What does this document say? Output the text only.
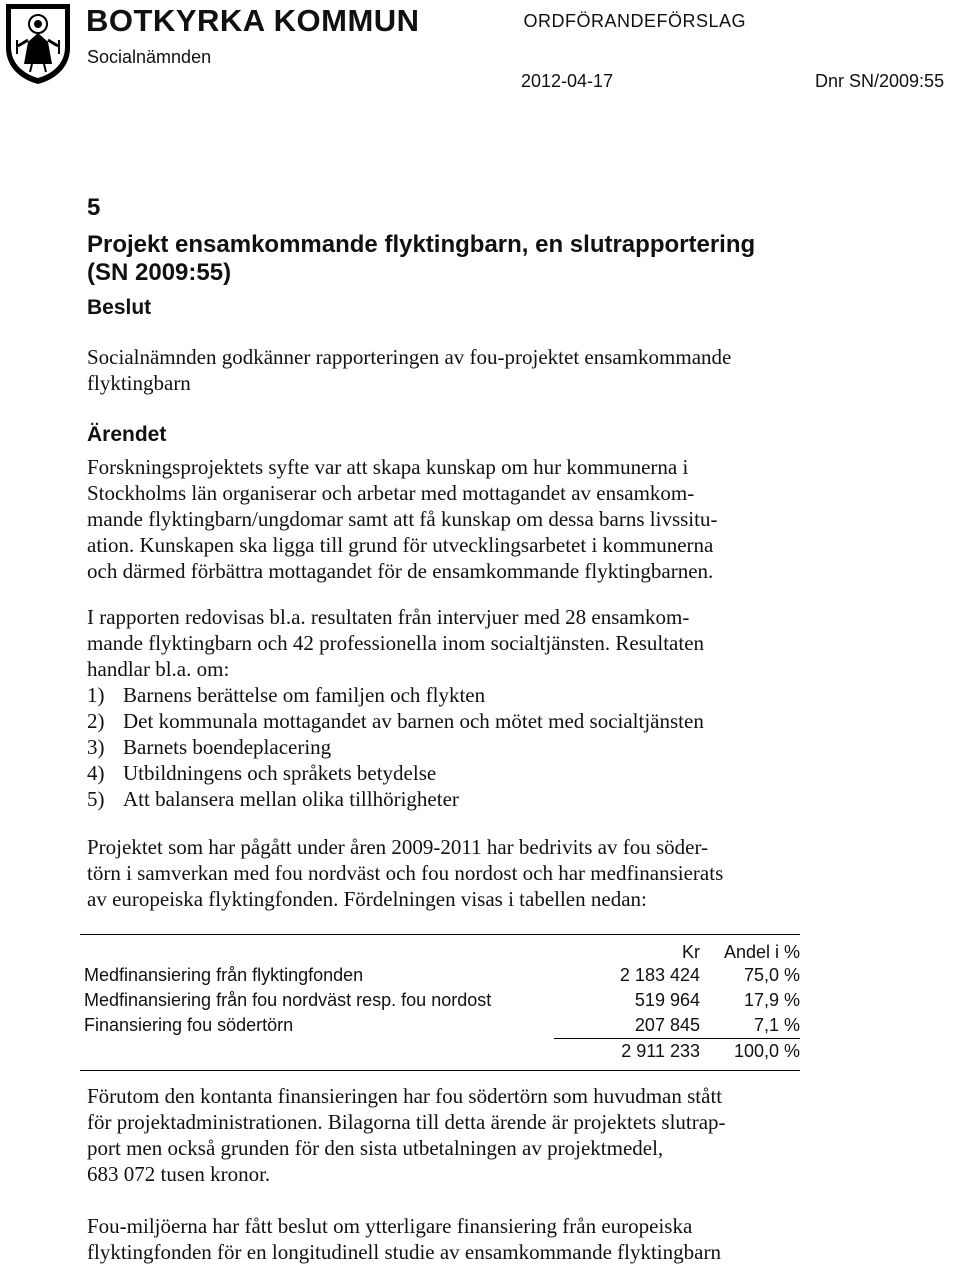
BOTKYRKA KOMMUN
Socialnämnden
ORDFÖRANDEFÖRSLAG
2012-04-17	Dnr SN/2009:55
5
Projekt ensamkommande flyktingbarn, en slutrapportering
(SN 2009:55)
Beslut
Socialnämnden godkänner rapporteringen av fou-projektet ensamkommande
flyktingbarn
Ärendet
Forskningsprojektets syfte var att skapa kunskap om hur kommunerna i
Stockholms län organiserar och arbetar med mottagandet av ensamkom-
mande flyktingbarn/ungdomar samt att få kunskap om dessa barns livssitu-
ation. Kunskapen ska ligga till grund för utvecklingsarbetet i kommunerna
och därmed förbättra mottagandet för de ensamkommande flyktingbarnen.
I rapporten redovisas bl.a. resultaten från intervjuer med 28 ensamkom-
mande flyktingbarn och 42 professionella inom socialtjänsten. Resultaten
handlar bl.a. om:
1) Barnens berättelse om familjen och flykten
2) Det kommunala mottagandet av barnen och mötet med socialtjänsten
3) Barnets boendeplacering
4) Utbildningens och språkets betydelse
5) Att balansera mellan olika tillhörigheter
Projektet som har pågått under åren 2009-2011 har bedrivits av fou söder-
törn i samverkan med fou nordväst och fou nordost och har medfinansierats
av europeiska flyktingfonden. Fördelningen visas i tabellen nedan:
	Kr	Andel i %
Medfinansiering från flyktingfonden	2 183 424	75,0 %
Medfinansiering från fou nordväst resp. fou nordost	519 964	17,9 %
Finansiering fou södertörn	207 845	7,1 %
	2 911 233	100,0 %
Förutom den kontanta finansieringen har fou södertörn som huvudman stått
för projektadministrationen. Bilagorna till detta ärende är projektets slutrap-
port men också grunden för den sista utbetalningen av projektmedel,
683 072 tusen kronor.
Fou-miljöerna har fått beslut om ytterligare finansiering från europeiska
flyktingfonden för en longitudinell studie av ensamkommande flyktingbarn
